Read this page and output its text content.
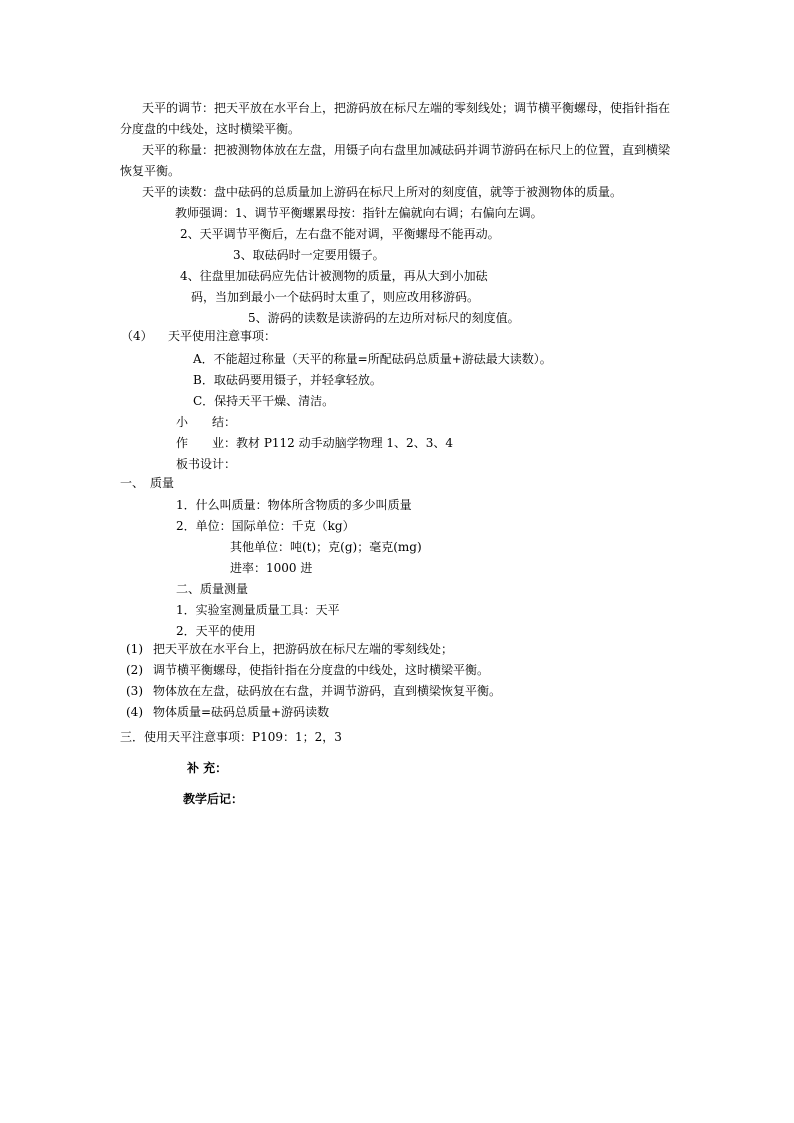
天平的调节：把天平放在水平台上，把游码放在标尺左端的零刻线处；调节横平衡螺母，使指针指在
分度盘的中线处，这时横梁平衡。
天平的称量：把被测物体放在左盘，用镊子向右盘里加减砝码并调节游码在标尺上的位置，直到横梁
恢复平衡。
天平的读数：盘中砝码的总质量加上游码在标尺上所对的刻度值，就等于被测物体的质量。
教师强调：1、调节平衡螺累母按：指针左偏就向右调；右偏向左调。
2、天平调节平衡后，左右盘不能对调，平衡螺母不能再动。
3、取砝码时一定要用镊子。
4、往盘里加砝码应先估计被测物的质量，再从大到小加砝
码，当加到最小一个砝码时太重了，则应改用移游码。
5、游码的读数是读游码的左边所对标尺的刻度值。
（4） 天平使用注意事项：
A．不能超过称量（天平的称量=所配砝码总质量+游砝最大读数）。
B．取砝码要用镊子，并轻拿轻放。
C．保持天平干燥、清洁。
小　　结：
作　　业：教材 P112 动手动脑学物理 1、2、3、4
板书设计：
一、　质量
1．什么叫质量：物体所含物质的多少叫质量
2．单位：国际单位：千克（kg）
其他单位：吨(t)；克(g)；毫克(mg)
进率：1000 进
二、质量测量
1．实验室测量质量工具：天平
2．天平的使用
(1) 把天平放在水平台上，把游码放在标尺左端的零刻线处；
(2) 调节横平衡螺母，使指针指在分度盘的中线处，这时横梁平衡。
(3) 物体放在左盘，砝码放在右盘，并调节游码，直到横梁恢复平衡。
(4) 物体质量=砝码总质量+游码读数
三．使用天平注意事项：P109：1；2，3
补 充：
教学后记：
